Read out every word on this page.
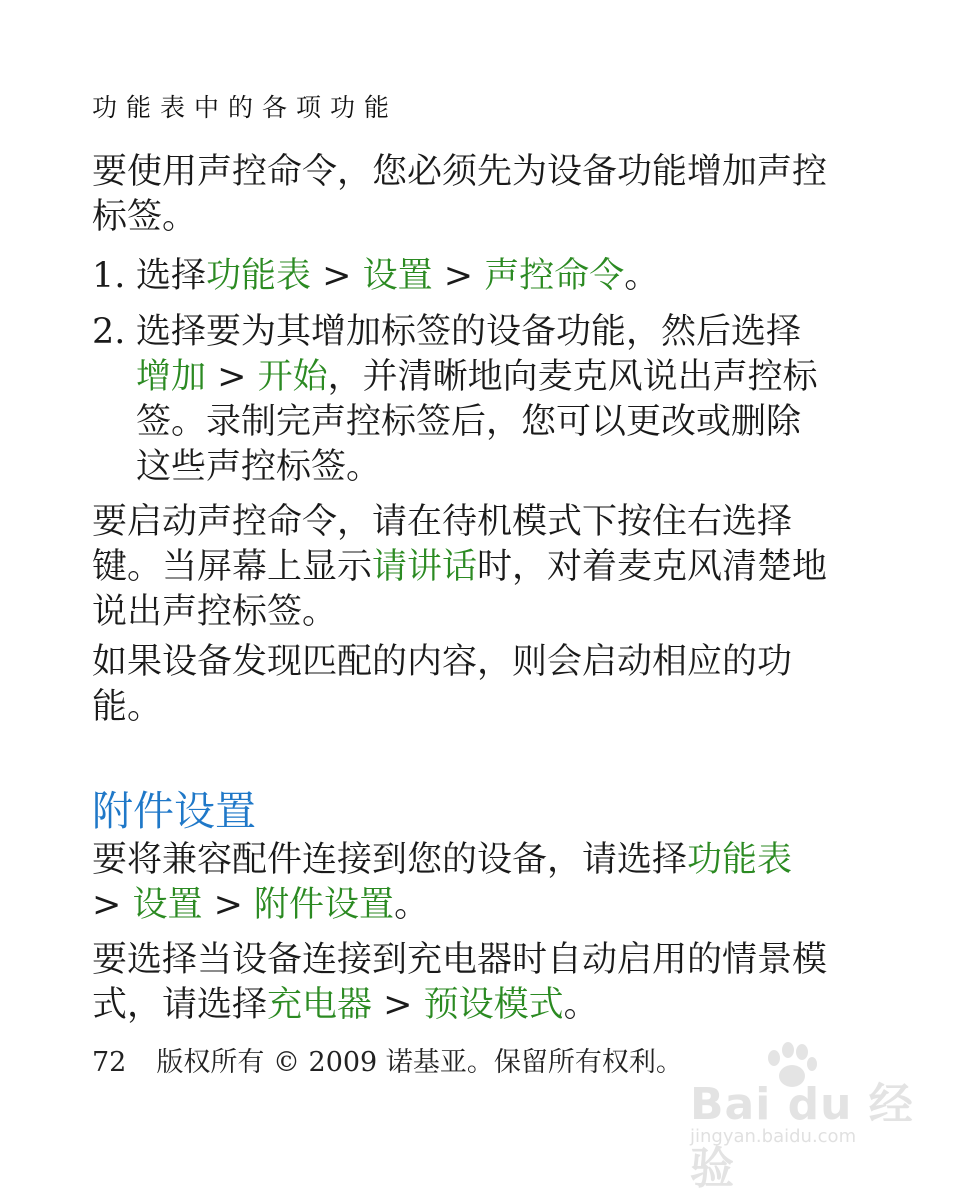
功能表中的各项功能

要使用声控命令，您必须先为设备功能增加声控标签。

1. 选择功能表 > 设置 > 声控命令。
2. 选择要为其增加标签的设备功能，然后选择增加 > 开始，并清晰地向麦克风说出声控标签。录制完声控标签后，您可以更改或删除这些声控标签。

要启动声控命令，请在待机模式下按住右选择键。当屏幕上显示请讲话时，对着麦克风清楚地说出声控标签。

如果设备发现匹配的内容，则会启动相应的功能。

附件设置

要将兼容配件连接到您的设备，请选择功能表 > 设置 > 附件设置。

要选择当设备连接到充电器时自动启用的情景模式，请选择充电器 > 预设模式。

72 版权所有 © 2009 诺基亚。保留所有权利。
Bai du 经验
jingyan.baidu.com
